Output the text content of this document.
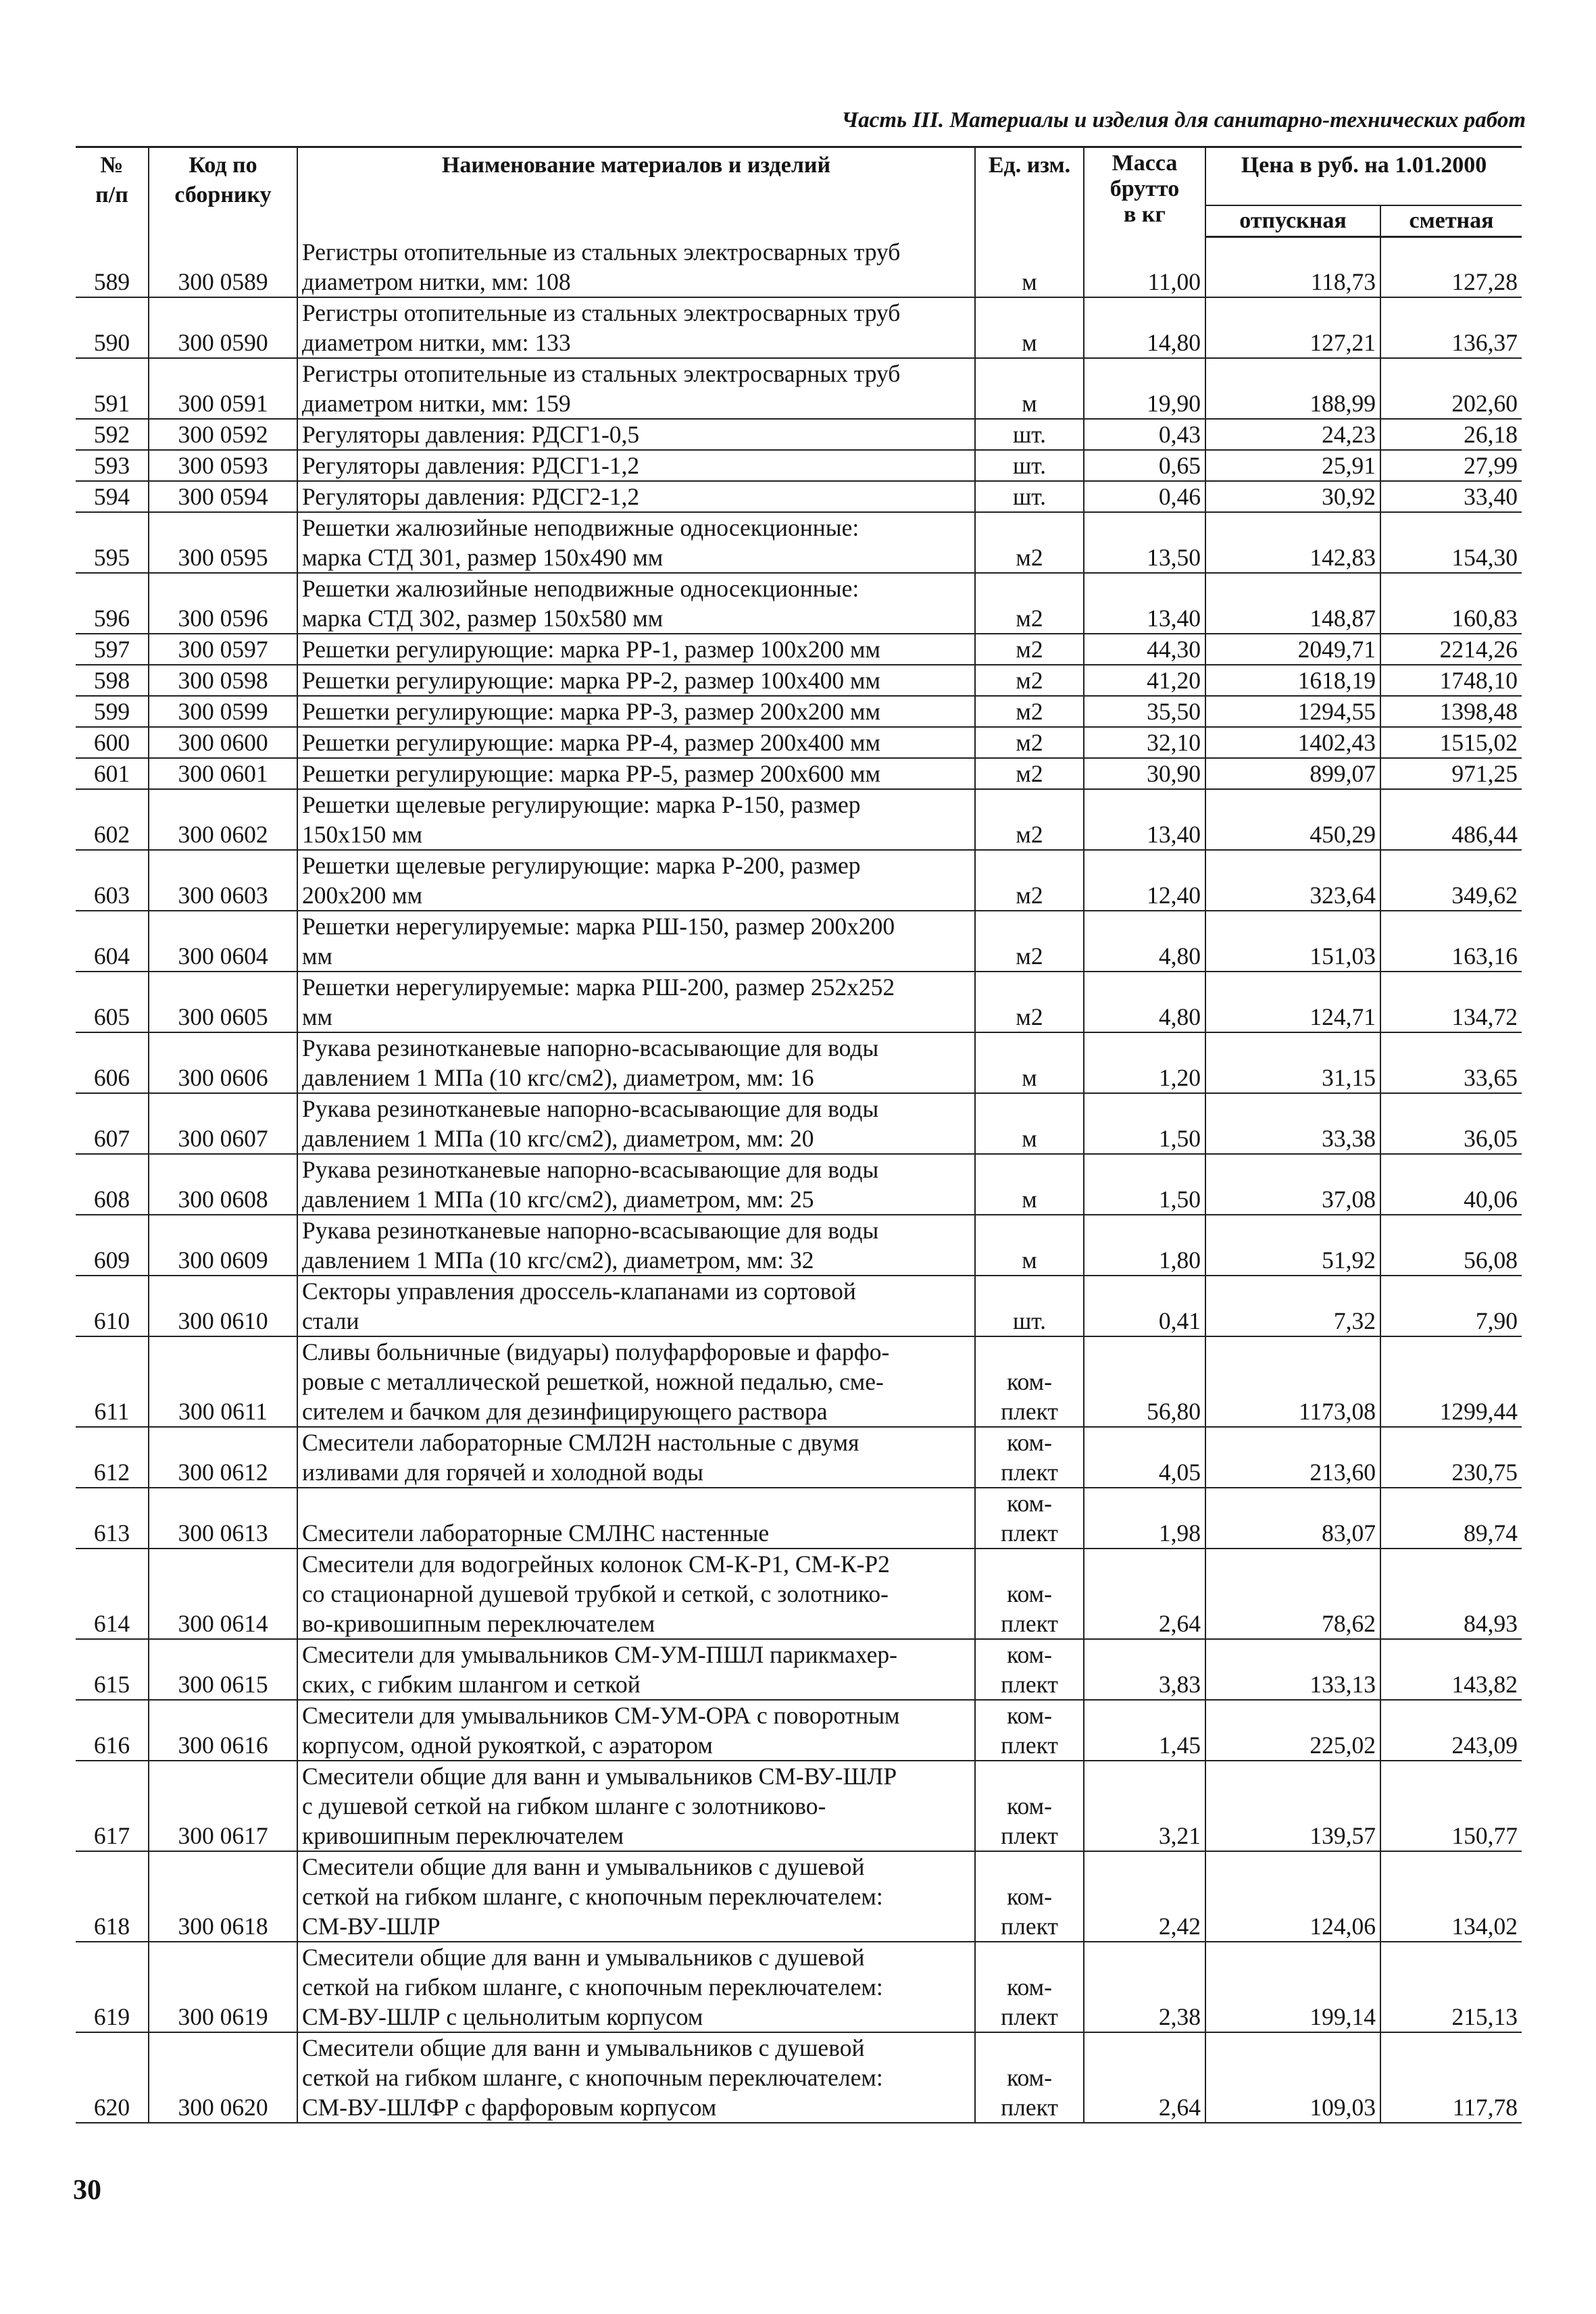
Часть III. Материалы и изделия для санитарно-технических работ
№
п/п	Код по
сборнику	Наименование материалов и изделий	Ед. изм.	Масса
брутто
в кг	Цена в руб. на 1.01.2000	
					отпускная	сметная
589	300 0589	Регистры отопительные из стальных электросварных труб
диаметром нитки, мм: 108	м	11,00	118,73	127,28
590	300 0590	Регистры отопительные из стальных электросварных труб
диаметром нитки, мм: 133	м	14,80	127,21	136,37
591	300 0591	Регистры отопительные из стальных электросварных труб
диаметром нитки, мм: 159	м	19,90	188,99	202,60
592	300 0592	Регуляторы давления: РДСГ1-0,5	шт.	0,43	24,23	26,18
593	300 0593	Регуляторы давления: РДСГ1-1,2	шт.	0,65	25,91	27,99
594	300 0594	Регуляторы давления: РДСГ2-1,2	шт.	0,46	30,92	33,40
595	300 0595	Решетки жалюзийные неподвижные односекционные:
марка СТД 301, размер 150х490 мм	м2	13,50	142,83	154,30
596	300 0596	Решетки жалюзийные неподвижные односекционные:
марка СТД 302, размер 150х580 мм	м2	13,40	148,87	160,83
597	300 0597	Решетки регулирующие: марка РР-1, размер 100х200 мм	м2	44,30	2049,71	2214,26
598	300 0598	Решетки регулирующие: марка РР-2, размер 100х400 мм	м2	41,20	1618,19	1748,10
599	300 0599	Решетки регулирующие: марка РР-3, размер 200х200 мм	м2	35,50	1294,55	1398,48
600	300 0600	Решетки регулирующие: марка РР-4, размер 200х400 мм	м2	32,10	1402,43	1515,02
601	300 0601	Решетки регулирующие: марка РР-5, размер 200х600 мм	м2	30,90	899,07	971,25
602	300 0602	Решетки щелевые регулирующие: марка Р-150, размер
150х150 мм	м2	13,40	450,29	486,44
603	300 0603	Решетки щелевые регулирующие: марка Р-200, размер
200х200 мм	м2	12,40	323,64	349,62
604	300 0604	Решетки нерегулируемые: марка РШ-150, размер 200х200
мм	м2	4,80	151,03	163,16
605	300 0605	Решетки нерегулируемые: марка РШ-200, размер 252х252
мм	м2	4,80	124,71	134,72
606	300 0606	Рукава резинотканевые напорно-всасывающие для воды
давлением 1 МПа (10 кгс/см2), диаметром, мм: 16	м	1,20	31,15	33,65
607	300 0607	Рукава резинотканевые напорно-всасывающие для воды
давлением 1 МПа (10 кгс/см2), диаметром, мм: 20	м	1,50	33,38	36,05
608	300 0608	Рукава резинотканевые напорно-всасывающие для воды
давлением 1 МПа (10 кгс/см2), диаметром, мм: 25	м	1,50	37,08	40,06
609	300 0609	Рукава резинотканевые напорно-всасывающие для воды
давлением 1 МПа (10 кгс/см2), диаметром, мм: 32	м	1,80	51,92	56,08
610	300 0610	Секторы управления дроссель-клапанами из сортовой
стали	шт.	0,41	7,32	7,90
611	300 0611	Сливы больничные (видуары) полуфарфоровые и фарфо-
ровые с металлической решеткой, ножной педалью, сме-
сителем и бачком для дезинфицирующего раствора	ком-
плект	56,80	1173,08	1299,44
612	300 0612	Смесители лабораторные СМЛ2Н настольные с двумя
изливами для горячей и холодной воды	ком-
плект	4,05	213,60	230,75
613	300 0613	Смесители лабораторные СМЛНС настенные	ком-
плект	1,98	83,07	89,74
614	300 0614	Смесители для водогрейных колонок СМ-К-Р1, СМ-К-Р2
со стационарной душевой трубкой и сеткой, с золотнико-
во-кривошипным переключателем	ком-
плект	2,64	78,62	84,93
615	300 0615	Смесители для умывальников СМ-УМ-ПШЛ парикмахер-
ских, с гибким шлангом и сеткой	ком-
плект	3,83	133,13	143,82
616	300 0616	Смесители для умывальников СМ-УМ-ОРА с поворотным
корпусом, одной рукояткой, с аэратором	ком-
плект	1,45	225,02	243,09
617	300 0617	Смесители общие для ванн и умывальников СМ-ВУ-ШЛР
с душевой сеткой на гибком шланге с золотниково-
кривошипным переключателем	ком-
плект	3,21	139,57	150,77
618	300 0618	Смесители общие для ванн и умывальников с душевой
сеткой на гибком шланге, с кнопочным переключателем:
СМ-ВУ-ШЛР	ком-
плект	2,42	124,06	134,02
619	300 0619	Смесители общие для ванн и умывальников с душевой
сеткой на гибком шланге, с кнопочным переключателем:
СМ-ВУ-ШЛР с цельнолитым корпусом	ком-
плект	2,38	199,14	215,13
620	300 0620	Смесители общие для ванн и умывальников с душевой
сеткой на гибком шланге, с кнопочным переключателем:
СМ-ВУ-ШЛФР с фарфоровым корпусом	ком-
плект	2,64	109,03	117,78
30
